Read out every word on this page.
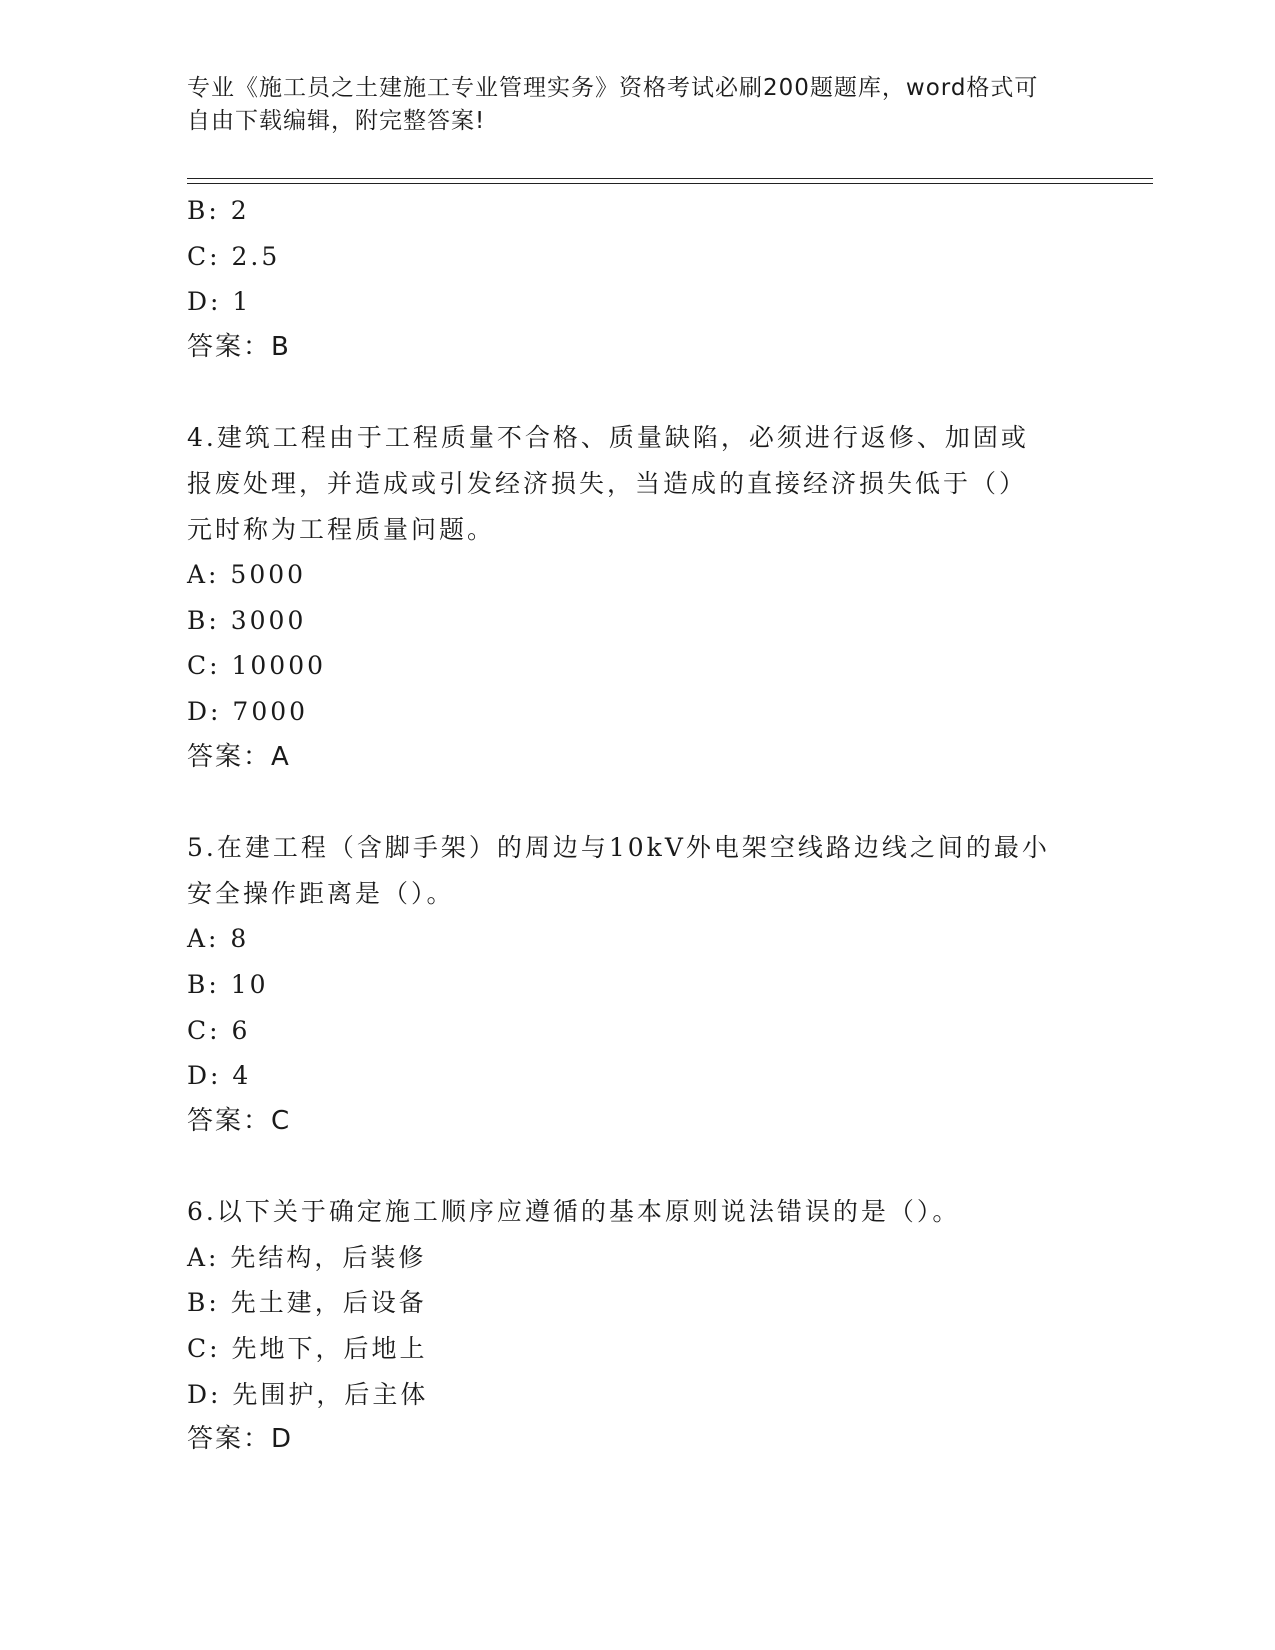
专业《施工员之土建施工专业管理实务》资格考试必刷200题题库，word格式可
自由下载编辑，附完整答案!
B: 2
C: 2.5
D: 1
答案：B
4.建筑工程由于工程质量不合格、质量缺陷，必须进行返修、加固或
报废处理，并造成或引发经济损失，当造成的直接经济损失低于（）
元时称为工程质量问题。
A: 5000
B: 3000
C: 10000
D: 7000
答案：A
5.在建工程（含脚手架）的周边与10kV外电架空线路边线之间的最小
安全操作距离是（）。
A: 8
B: 10
C: 6
D: 4
答案：C
6.以下关于确定施工顺序应遵循的基本原则说法错误的是（）。
A: 先结构，后装修
B: 先土建，后设备
C: 先地下，后地上
D: 先围护，后主体
答案：D
